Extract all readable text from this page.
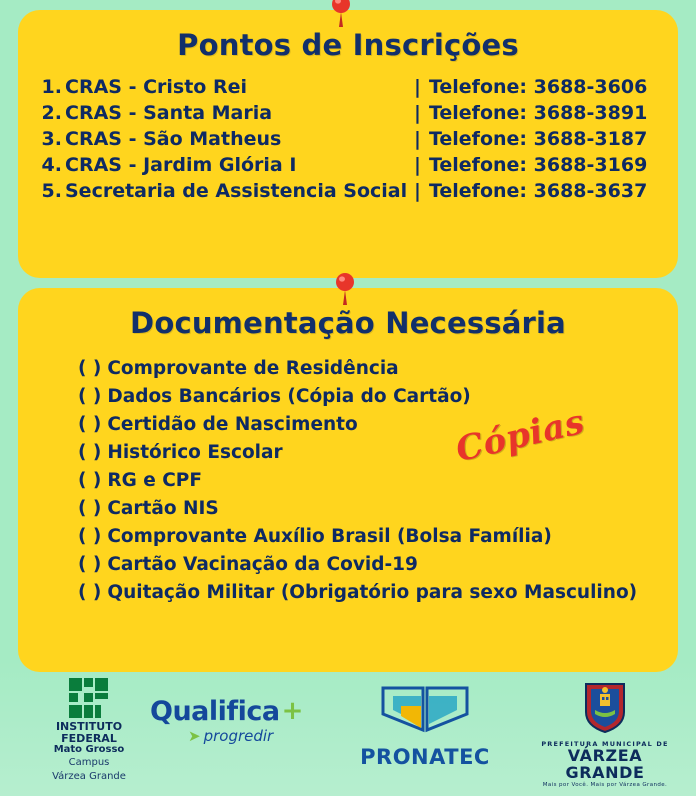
Pontos de Inscrições
1. CRAS - Cristo Rei	| Telefone: 3688-3606
2. CRAS - Santa Maria	| Telefone: 3688-3891
3. CRAS - São Matheus	| Telefone: 3688-3187
4. CRAS - Jardim Glória I	| Telefone: 3688-3169
5. Secretaria de Assistencia Social | Telefone: 3688-3637
Documentação Necessária
( ) Comprovante de Residência
( ) Dados Bancários (Cópia do Cartão)
( ) Certidão de Nascimento
( ) Histórico Escolar
( ) RG e CPF
( ) Cartão NIS
( ) Comprovante Auxílio Brasil (Bolsa Família)
( ) Cartão Vacinação da Covid-19
( ) Quitação Militar (Obrigatório para sexo Masculino)
Cópias
INSTITUTO
FEDERAL
Mato Grosso
Campus
Várzea Grande
Qualifica+
➤ progredir
PRONATEC
PREFEITURA MUNICIPAL DE
VÁRZEA GRANDE
Mais por Você. Mais por Várzea Grande.
